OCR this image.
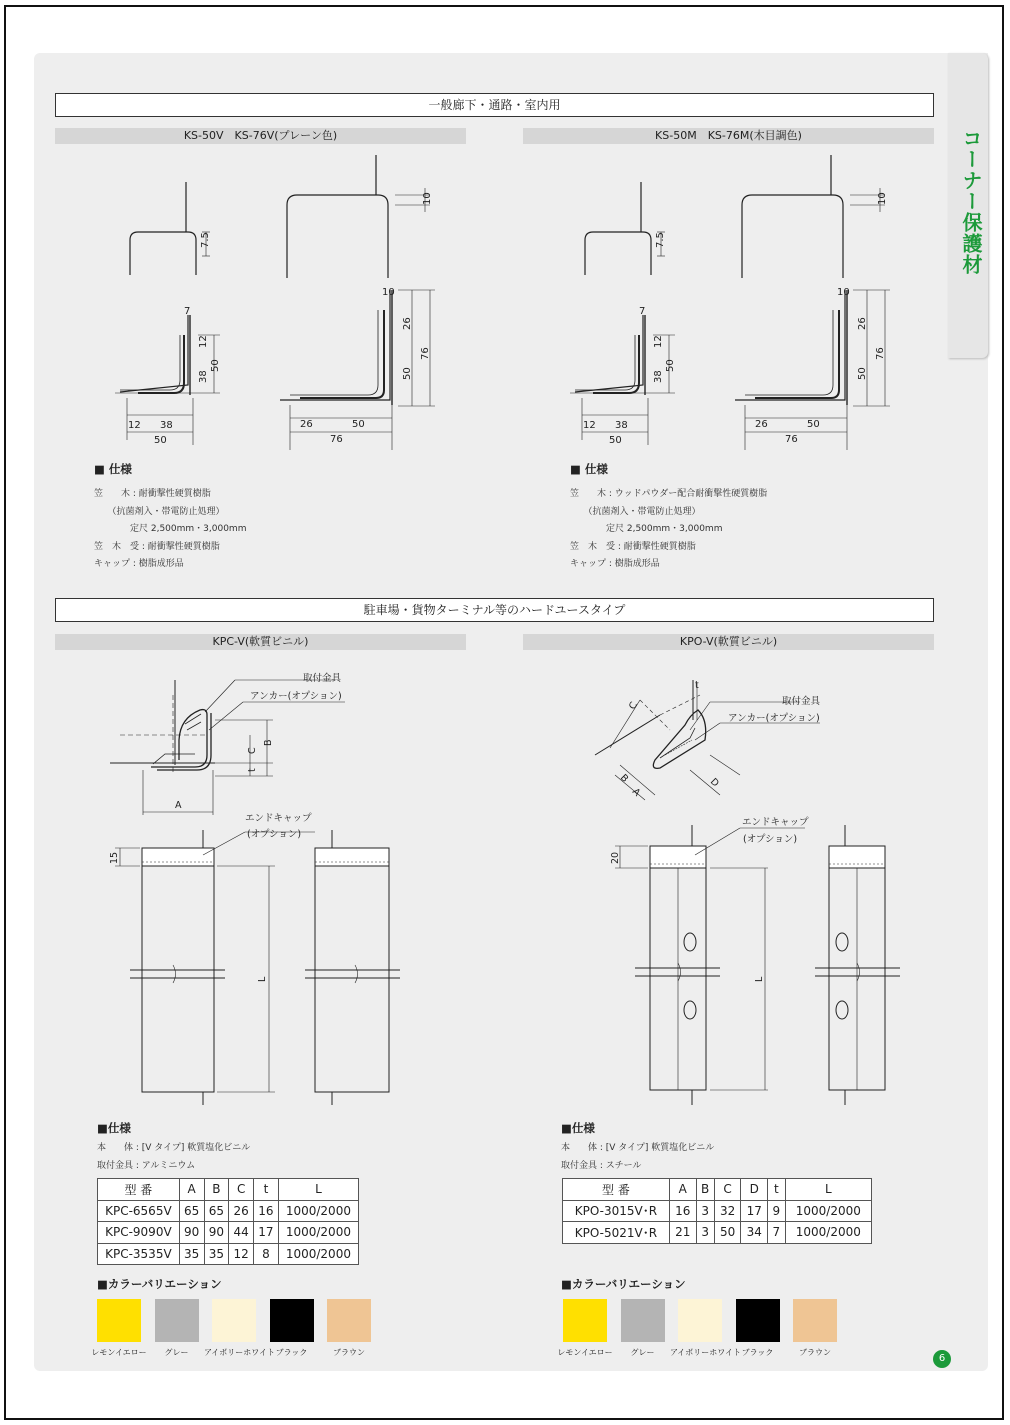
コーナー保護材
一般廊下・通路・室内用
KS-50V　KS-76V(プレーン色)	KS-50M　KS-76M(木目調色)
7.5
10
7
12
38
50
12 38
50
10
26
50
76
26	50
76
7.5
10
7
12
38
50
12 38
50
10
26
50
76
26	50
76
■ 仕様
笠　　木 : 耐衝撃性硬質樹脂
　　（抗菌剤入・帯電防止処理）
　　　　定尺 2,500mm・3,000mm
笠　木　受 : 耐衝撃性硬質樹脂
キャップ : 樹脂成形品
■ 仕様
笠　　木 : ウッドパウダー配合耐衝撃性硬質樹脂
　　（抗菌剤入・帯電防止処理）
　　　　定尺 2,500mm・3,000mm
笠　木　受 : 耐衝撃性硬質樹脂
キャップ : 樹脂成形品
駐車場・貨物ターミナル等のハードユースタイプ
KPC-V(軟質ビニル)	KPO-V(軟質ビニル)
取付金具
アンカー(オプション)
エンドキャップ
(オプション)
A
B
C
t
15
L
取付金具
アンカー(オプション)
エンドキャップ
(オプション)
t
C
B
A
D
20
L
■仕様
本　　体 : [V タイプ] 軟質塩化ビニル
取付金具 : アルミニウム
■仕様
本　　体 : [V タイプ] 軟質塩化ビニル
取付金具 : スチール
型 番	A	B	C	t	L
KPC-6565V	65	65	26	16	1000/2000
KPC-9090V	90	90	44	17	1000/2000
KPC-3535V	35	35	12	8	1000/2000
型 番	A	B	C	D	t	L
KPO-3015V･R	16	3	32	17	9	1000/2000
KPO-5021V･R	21	3	50	34	7	1000/2000
■カラーバリエーション	■カラーバリエーション
レモンイエロー	グレー	アイボリーホワイト ブラック	ブラウン	レモンイエロー	グレー	アイボリーホワイト ブラック	ブラウン
6
